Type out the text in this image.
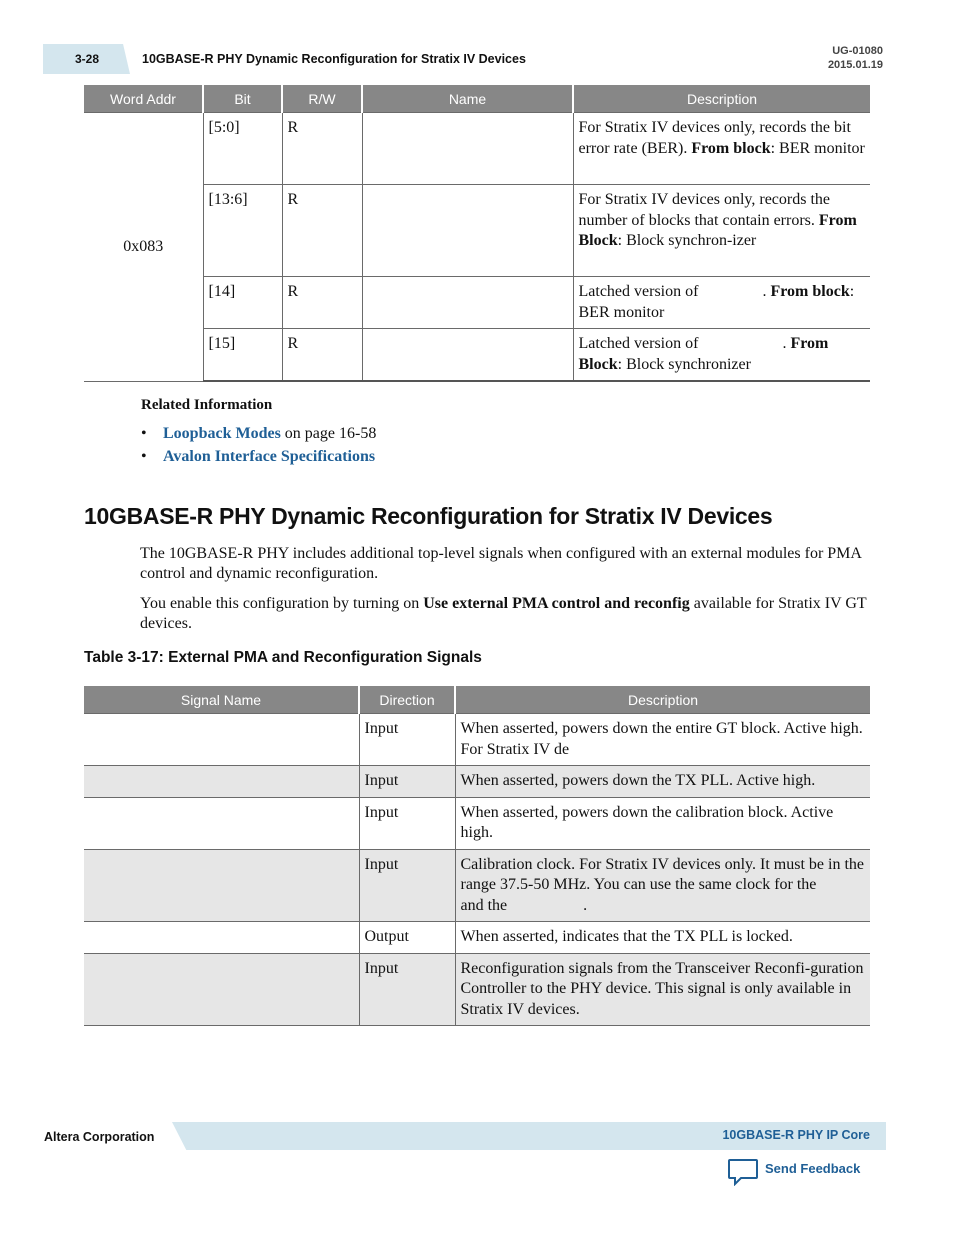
3-28	10GBASE-R PHY Dynamic Reconfiguration for Stratix IV Devices
UG-01080
2015.01.19
Word Addr	Bit	R/W	Name	Description
0x083	[5:0]	R		For Stratix IV devices only, records the bit error rate (BER). From block: BER monitor
	[13:6]	R		For Stratix IV devices only, records the number of blocks that contain errors. From Block: Block synchron-izer
	[14]	R		Latched version of                . From block: BER monitor
	[15]	R		Latched version of                     . From Block: Block synchronizer
Related Information
• Loopback Modes on page 16-58
• Avalon Interface Specifications
10GBASE-R PHY Dynamic Reconfiguration for Stratix IV Devices

The 10GBASE-R PHY includes additional top-level signals when configured with an external modules for PMA control and dynamic reconfiguration.

You enable this configuration by turning on Use external PMA control and reconfig available for Stratix IV GT devices.

Table 3-17: External PMA and Reconfiguration Signals
Signal Name	Direction	Description
	Input	When asserted, powers down the entire GT block. Active high. For Stratix IV de
	Input	When asserted, powers down the TX PLL. Active high.
	Input	When asserted, powers down the calibration block. Active high.
	Input	Calibration clock. For Stratix IV devices only. It must be in the range 37.5-50 MHz. You can use the same clock for the                          and the                   .
	Output	When asserted, indicates that the TX PLL is locked.
	Input	Reconfiguration signals from the Transceiver Reconfi-guration Controller to the PHY device. This signal is only available in Stratix IV devices.
Altera Corporation	10GBASE-R PHY IP Core
Send Feedback
